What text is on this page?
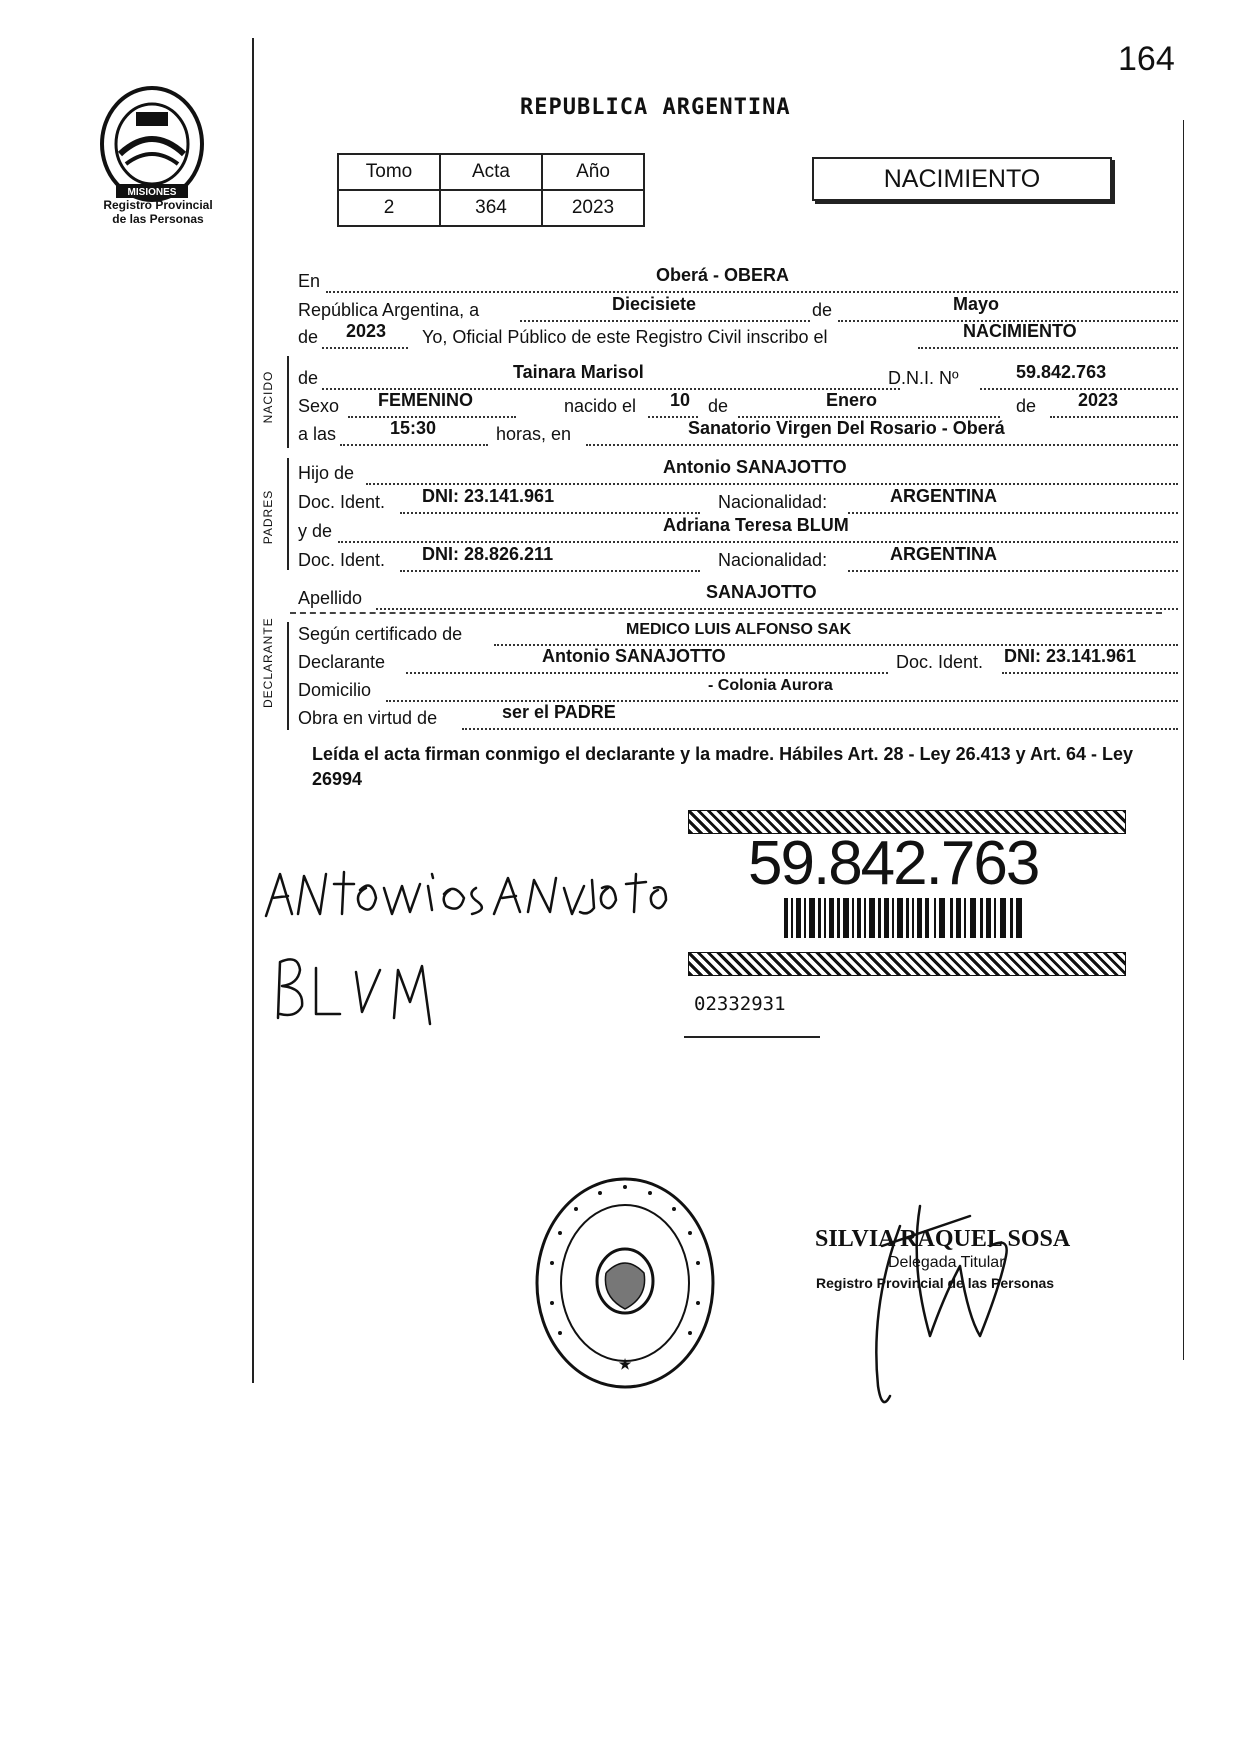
164
MISIONES
Registro Provincial
de las Personas
REPUBLICA ARGENTINA
Tomo	Acta	Año
2	364	2023
NACIMIENTO
En	Oberá - OBERA
República Argentina, a	Diecisiete	de	Mayo
de 2023 Yo, Oficial Público de este Registro Civil inscribo el	NACIMIENTO
NACIDO de	Tainara Marisol	D.N.I. Nº	59.842.763
Sexo FEMENINO	nacido el 10 de	Enero	de 2023
a las	15:30	horas, en	Sanatorio Virgen Del Rosario - Oberá
PADRES
Hijo de	Antonio SANAJOTTO
Doc. Ident. DNI: 23.141.961	Nacionalidad:	ARGENTINA
y de	Adriana Teresa BLUM
Doc. Ident. DNI: 28.826.211	Nacionalidad:	ARGENTINA
Apellido	SANAJOTTO
DECLARANTE Según certificado de	MEDICO LUIS ALFONSO SAK
Declarante	Antonio SANAJOTTO	Doc. Ident. DNI: 23.141.961
Domicilio	- Colonia Aurora
Obra en virtud de	ser el PADRE
Leída el acta firman conmigo el declarante y la madre. Hábiles Art. 28 - Ley 26.413 y Art. 64 - Ley 26994
59.842.763
02332931
★
SILVIA RAQUEL SOSA
Delegada Titular
Registro Provincial de las Personas
